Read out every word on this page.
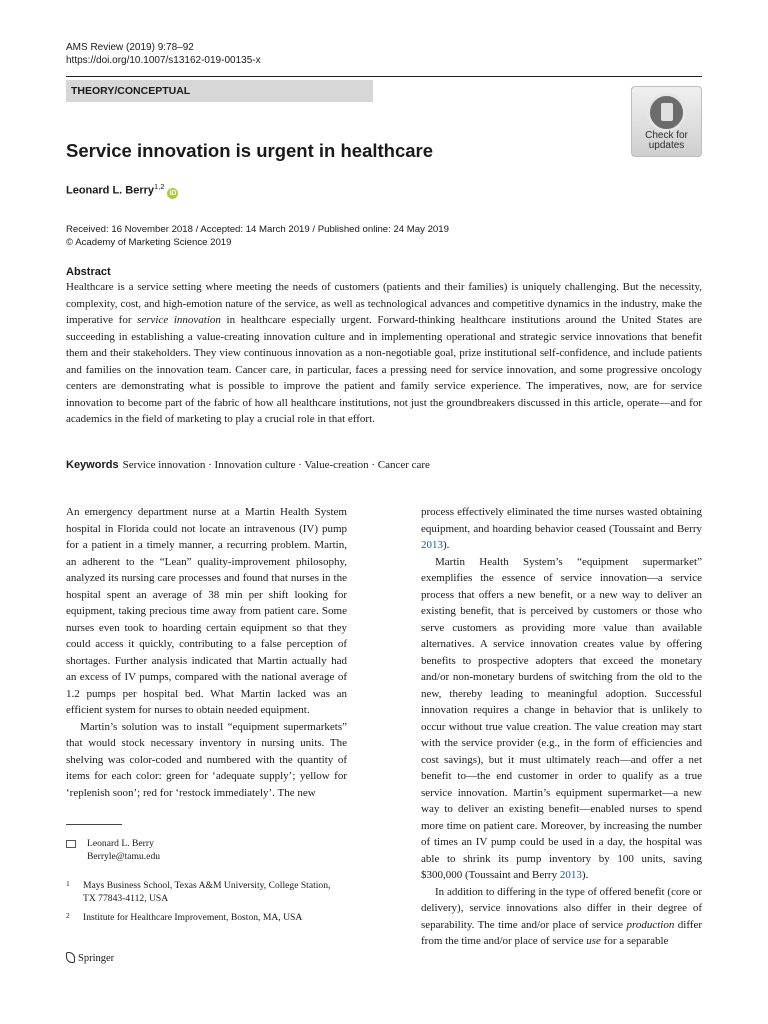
AMS Review (2019) 9:78–92
https://doi.org/10.1007/s13162-019-00135-x
THEORY/CONCEPTUAL
Check for
updates
Service innovation is urgent in healthcare
Leonard L. Berry$^{1,2}$iD
Received: 16 November 2018 / Accepted: 14 March 2019 / Published online: 24 May 2019
© Academy of Marketing Science 2019
Abstract
Healthcare is a service setting where meeting the needs of customers (patients and their families) is uniquely challenging. But the necessity, complexity, cost, and high-emotion nature of the service, as well as technological advances and competitive dynamics in the industry, make the imperative for service innovation in healthcare especially urgent. Forward-thinking healthcare institutions around the United States are succeeding in establishing a value-creating innovation culture and in implementing operational and strategic service innovations that benefit them and their stakeholders. They view continuous innovation as a non-negotiable goal, prize institutional self-confidence, and include patients and families on the innovation team. Cancer care, in particular, faces a pressing need for service innovation, and some progressive oncology centers are demonstrating what is possible to improve the patient and family service experience. The imperatives, now, are for service innovation to become part of the fabric of how all healthcare institutions, not just the groundbreakers discussed in this article, operate—and for academics in the field of marketing to play a crucial role in that effort.
Keywords Service innovation · Innovation culture · Value-creation · Cancer care

An emergency department nurse at a Martin Health System hospital in Florida could not locate an intravenous (IV) pump for a patient in a timely manner, a recurring problem. Martin, an adherent to the “Lean” quality-improvement philosophy, analyzed its nursing care processes and found that nurses in the hospital spent an average of 38 min per shift looking for equipment, taking precious time away from patient care. Some nurses even took to hoarding certain equipment so that they could access it quickly, contributing to a false perception of shortages. Further analysis indicated that Martin actually had an excess of IV pumps, compared with the national average of 1.2 pumps per hospital bed. What Martin lacked was an efficient system for nurses to obtain needed equipment.

Martin’s solution was to install “equipment supermarkets” that would stock necessary inventory in nursing units. The shelving was color-coded and numbered with the quantity of items for each color: green for ‘adequate supply’; yellow for ‘replenish soon’; red for ‘restock immediately’. The new

Leonard L. Berry
Berryle@tamu.edu
1 Mays Business School, Texas A&M University, College Station, TX 77843-4112, USA
2 Institute for Healthcare Improvement, Boston, MA, USA
Springer

process effectively eliminated the time nurses wasted obtaining equipment, and hoarding behavior ceased (Toussaint and Berry 2013).

Martin Health System’s “equipment supermarket” exemplifies the essence of service innovation—a service process that offers a new benefit, or a new way to deliver an existing benefit, that is perceived by customers or those who serve customers as providing more value than available alternatives. A service innovation creates value by offering benefits to prospective adopters that exceed the monetary and/or non-monetary burdens of switching from the old to the new, thereby leading to meaningful adoption. Successful innovation requires a change in behavior that is unlikely to occur without true value creation. The value creation may start with the service provider (e.g., in the form of efficiencies and cost savings), but it must ultimately reach—and offer a net benefit to—the end customer in order to qualify as a true service innovation. Martin’s equipment supermarket—a new way to deliver an existing benefit—enabled nurses to spend more time on patient care. Moreover, by increasing the number of times an IV pump could be used in a day, the hospital was able to shrink its pump inventory by 100 units, saving $300,000 (Toussaint and Berry 2013).

In addition to differing in the type of offered benefit (core or delivery), service innovations also differ in their degree of separability. The time and/or place of service production differ from the time and/or place of service use for a separable
